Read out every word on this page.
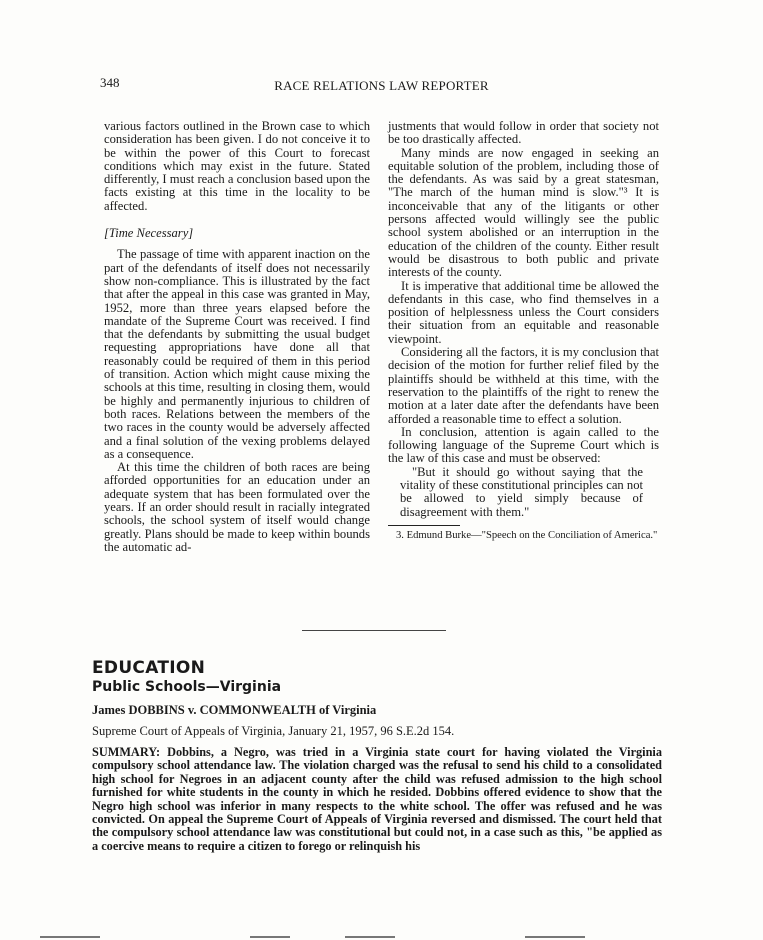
348	RACE RELATIONS LAW REPORTER

various factors outlined in the Brown case to which consideration has been given. I do not conceive it to be within the power of this Court to forecast conditions which may exist in the future. Stated differently, I must reach a conclusion based upon the facts existing at this time in the locality to be affected.

[Time Necessary]

The passage of time with apparent inaction on the part of the defendants of itself does not necessarily show non-compliance. This is illustrated by the fact that after the appeal in this case was granted in May, 1952, more than three years elapsed before the mandate of the Supreme Court was received. I find that the defendants by submitting the usual budget requesting appropriations have done all that reasonably could be required of them in this period of transition. Action which might cause mixing the schools at this time, resulting in closing them, would be highly and permanently injurious to children of both races. Relations between the members of the two races in the county would be adversely affected and a final solution of the vexing problems delayed as a consequence.

At this time the children of both races are being afforded opportunities for an education under an adequate system that has been formulated over the years. If an order should result in racially integrated schools, the school system of itself would change greatly. Plans should be made to keep within bounds the automatic ad-

justments that would follow in order that society not be too drastically affected.

Many minds are now engaged in seeking an equitable solution of the problem, including those of the defendants. As was said by a great statesman, "The march of the human mind is slow."³ It is inconceivable that any of the litigants or other persons affected would willingly see the public school system abolished or an interruption in the education of the children of the county. Either result would be disastrous to both public and private interests of the county.

It is imperative that additional time be allowed the defendants in this case, who find themselves in a position of helplessness unless the Court considers their situation from an equitable and reasonable viewpoint.

Considering all the factors, it is my conclusion that decision of the motion for further relief filed by the plaintiffs should be withheld at this time, with the reservation to the plaintiffs of the right to renew the motion at a later date after the defendants have been afforded a reasonable time to effect a solution.

In conclusion, attention is again called to the following language of the Supreme Court which is the law of this case and must be observed:

"But it should go without saying that the vitality of these constitutional principles can not be allowed to yield simply because of disagreement with them."

3. Edmund Burke—"Speech on the Conciliation of America."

EDUCATION
Public Schools—Virginia
James DOBBINS v. COMMONWEALTH of Virginia
Supreme Court of Appeals of Virginia, January 21, 1957, 96 S.E.2d 154.
SUMMARY: Dobbins, a Negro, was tried in a Virginia state court for having violated the Virginia compulsory school attendance law. The violation charged was the refusal to send his child to a consolidated high school for Negroes in an adjacent county after the child was refused admission to the high school furnished for white students in the county in which he resided. Dobbins offered evidence to show that the Negro high school was inferior in many respects to the white school. The offer was refused and he was convicted. On appeal the Supreme Court of Appeals of Virginia reversed and dismissed. The court held that the compulsory school attendance law was constitutional but could not, in a case such as this, "be applied as a coercive means to require a citizen to forego or relinquish his
